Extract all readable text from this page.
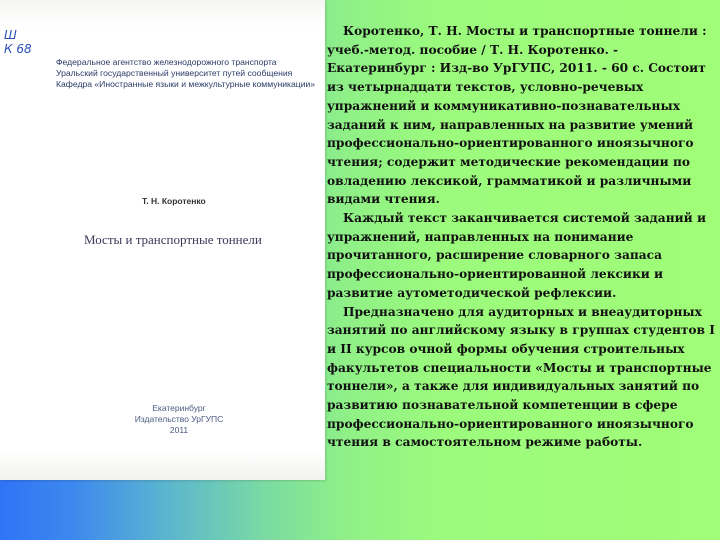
Ш
К 68
Федеральное агентство железнодорожного транспорта
Уральский государственный университет путей сообщения
Кафедра «Иностранные языки и межкультурные коммуникации»
Т. Н. Коротенко
Мосты и транспортные тоннели
Екатеринбург
Издательство УрГУПС
2011

Коротенко, Т. Н. Мосты и транспортные тоннели : учеб.-метод. пособие / Т. Н. Коротенко. - Екатеринбург : Изд-во УрГУПС, 2011. - 60 с. Состоит из четырнадцати текстов, условно-речевых упражнений и коммуникативно-познавательных заданий к ним, направленных на развитие умений профессионально-ориентированного иноязычного чтения; содержит методические рекомендации по овладению лексикой, грамматикой и различными видами чтения.

Каждый текст заканчивается системой заданий и упражнений, направленных на понимание прочитанного, расширение словарного запаса профессионально-ориентированной лексики и развитие аутометодической рефлексии.

Предназначено для аудиторных и внеаудиторных занятий по английскому языку в группах студентов I и II курсов очной формы обучения строительных факультетов специальности «Мосты и транспортные тоннели», а также для индивидуальных занятий по развитию познавательной компетенции в сфере профессионально-ориентированного иноязычного чтения в самостоятельном режиме работы.
